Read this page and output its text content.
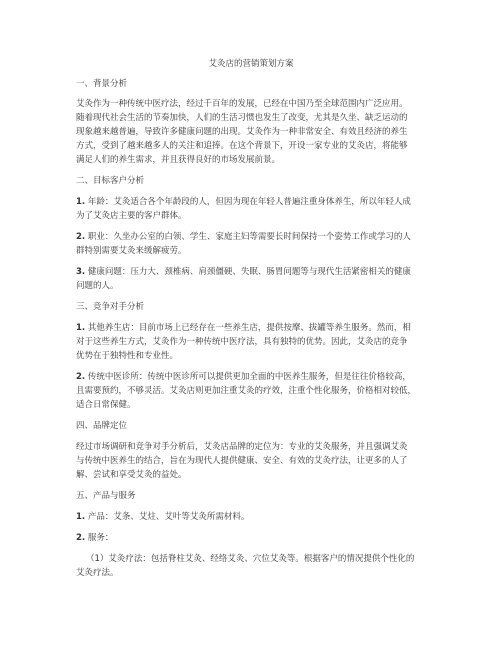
艾灸店的营销策划方案
一、背景分析
艾灸作为一种传统中医疗法，经过千百年的发展，已经在中国乃至全球范围内广泛应用。
随着现代社会生活的节奏加快，人们的生活习惯也发生了改变，尤其是久坐、缺乏运动的
现象越来越普遍，导致许多健康问题的出现。艾灸作为一种非常安全、有效且经济的养生
方式，受到了越来越多人的关注和追捧。在这个背景下，开设一家专业的艾灸店，将能够
满足人们的养生需求，并且获得良好的市场发展前景。
二、目标客户分析
1. 年龄：艾灸适合各个年龄段的人，但因为现在年轻人普遍注重身体养生，所以年轻人成
为了艾灸店主要的客户群体。
2. 职业：久坐办公室的白领、学生、家庭主妇等需要长时间保持一个姿势工作或学习的人
群特别需要艾灸来缓解疲劳。
3. 健康问题：压力大、颈椎病、肩颈僵硬、失眠、肠胃问题等与现代生活紧密相关的健康
问题的人。
三、竞争对手分析
1. 其他养生店：目前市场上已经存在一些养生店，提供按摩、拔罐等养生服务。然而，相
对于这些养生方式，艾灸作为一种传统中医疗法，具有独特的优势。因此，艾灸店的竞争
优势在于独特性和专业性。
2. 传统中医诊所：传统中医诊所可以提供更加全面的中医养生服务，但是往往价格较高，
且需要预约，不够灵活。艾灸店则更加注重艾灸的疗效，注重个性化服务，价格相对较低，
适合日常保健。
四、品牌定位
经过市场调研和竞争对手分析后，艾灸店品牌的定位为：专业的艾灸服务，并且强调艾灸
与传统中医养生的结合，旨在为现代人提供健康、安全、有效的艾灸疗法，让更多的人了
解、尝试和享受艾灸的益处。
五、产品与服务
1. 产品：艾条、艾炷、艾叶等艾灸所需材料。
2. 服务：
（1）艾灸疗法：包括脊柱艾灸、经络艾灸、穴位艾灸等。根据客户的情况提供个性化的
艾灸疗法。
